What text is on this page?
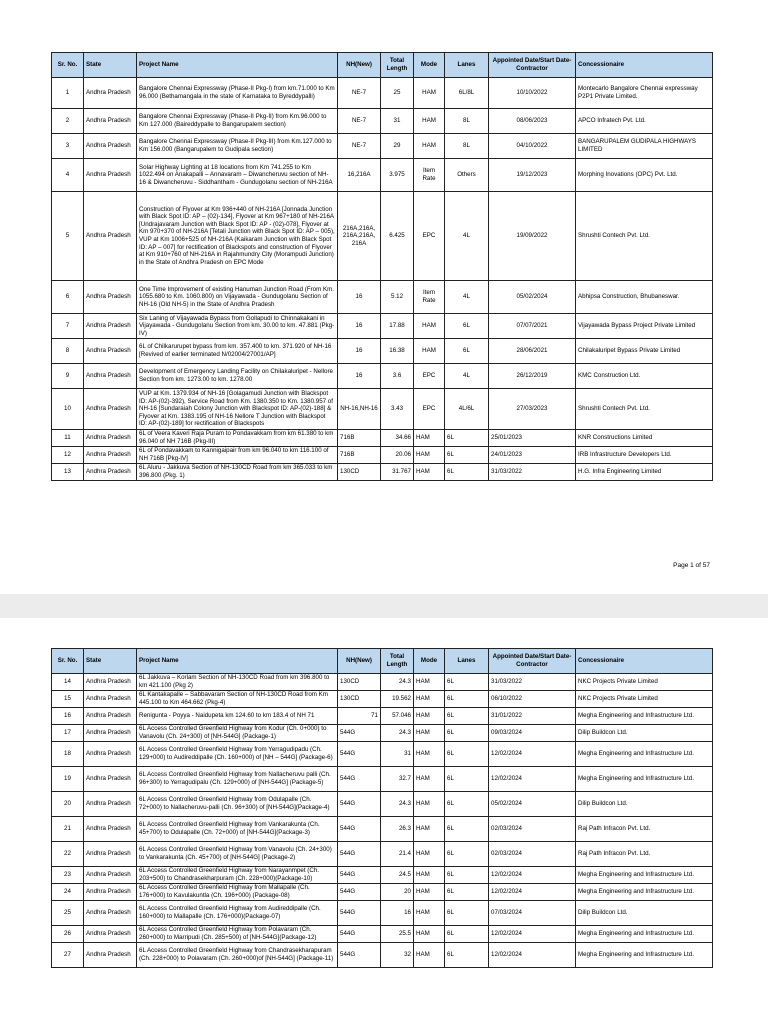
Sr. No.	State	Project Name	NH(New)	Total Length	Mode	Lanes	Appointed Date/Start Date- Contractor	Concessionaire
1	Andhra Pradesh	Bangalore Chennai Expressway (Phase-II Pkg-I) from km.71.000 to Km 96.000 (Bethamangala in the state of Karnataka to Byreddypalli)	NE-7	25	HAM	6L/8L	10/10/2022	Montecarlo Bangalore Chennai expressway P2P1 Private Limited.
2	Andhra Pradesh	Bangalore Chennai Expressway (Phase-II Pkg-II) from Km.96.000 to Km 127.000 (Baireddypalle to Bangarupalem section)	NE-7	31	HAM	8L	08/06/2023	APCO Infratech Pvt. Ltd.
3	Andhra Pradesh	Bangalore Chennai Expressway (Phase-II Pkg-III) from Km.127.000 to Km 156.000 (Bangarupalem to Gudipala section)	NE-7	29	HAM	8L	04/10/2022	BANGARUPALEM GUDIPALA HIGHWAYS LIMITED
4	Andhra Pradesh	Solar Highway Lighting at 18 locations from Km 741.255 to Km 1022.494 on Anakapalli – Annavaram – Diwancheruvu section of NH-16 & Diwancheruvu - Siddhantham - Gundugolanu section of NH-216A	16,216A	3.975	Item Rate	Others	19/12/2023	Morphing Inovations (OPC) Pvt. Ltd.
5	Andhra Pradesh	Construction of Flyover at Km 936+440 of NH-216A [Jonnada Junction with Black Spot ID: AP – (02)-134], Flyover at Km 967+180 of NH-216A [Undrajavaram Junction with Black Spot ID: AP - (02)-078], Flyover at Km 970+370 of NH-216A [Tetali Junction with Black Spot ID: AP – 005), VUP at Km 1006+525 of NH-216A (Kaikaram Junction with Black Spot ID: AP – 007] for rectification of Blackspots and construction of Flyover at Km 910+760 of NH-216A in Rajahmundry City (Morampudi Junction) in the State of Andhra Pradesh on EPC Mode	216A,216A, 216A,216A, 216A	6.425	EPC	4L	19/09/2022	Shrushti Contech Pvt. Ltd.
6	Andhra Pradesh	One Time Improvement of existing Hanuman Junction Road (From Km. 1055.680 to Km. 1060.800) on Vijayawada - Gundugolanu Section of NH-16 (Old NH-5) in the State of Andhra Pradesh	16	5.12	Item Rate	4L	05/02/2024	Abhipsa Construction, Bhubaneswar.
7	Andhra Pradesh	Six Laning of Vijayawada Bypass from Gollapudi to Chinnakakani in Vijayawada - Gundugolanu Section from km. 30.00 to km. 47.881 (Pkg-IV)	16	17.88	HAM	6L	07/07/2021	Vijayawada Bypass Project Private Limited
8	Andhra Pradesh	6L of Chilkarurupet bypass from km. 357.400 to km. 371.920 of NH-16 [Revived of earlier terminated N/02004/27001/AP]	16	16.38	HAM	6L	28/06/2021	Chilakaluripet Bypass Private Limited
9	Andhra Pradesh	Development of Emergency Landing Facility on Chilakaluripet - Nellore Section from km. 1273.00 to km. 1278.00	16	3.6	EPC	4L	26/12/2019	KMC Construction Ltd.
10	Andhra Pradesh	VUP at Km. 1379.934 of NH-16 [Golagamudi Junction with Blackspot ID: AP-(02)-392), Service Road from Km. 1380.350 to Km. 1380.957 of NH-16 [Sundaraiah Colony Junction with Blackspot ID: AP-(02)-188] & Flyover at Km. 1383.195 of NH-16 Nellore T Junction with Blackspot ID: AP-(02)-189] for rectification of Blackspots	NH-16,NH-16	3.43	EPC	4L/6L	27/03/2023	Shrushti Contech Pvt. Ltd.
11	Andhra Pradesh	6L of Veera Kaveri Raja Puram to Pondavakkam from km 61.380 to km 96.040 of NH 716B (Pkg-III)	716B	34.66	HAM	6L	25/01/2023	KNR Constructions Limited
12	Andhra Pradesh	6L of Pondavakkam to Kannigaipair from km 96.040 to km 116.100 of NH 716B [Pkg-IV]	716B	20.06	HAM	6L	24/01/2023	IRB Infrastructure Developers Ltd.
13	Andhra Pradesh	6L Aluru - Jakkuva Section of NH-130CD Road from km 365.033 to km 396.800 (Pkg. 1)	130CD	31.767	HAM	6L	31/03/2022	H.G. Infra Engineering Limited
Page 1 of 57
Sr. No.	State	Project Name	NH(New)	Total Length	Mode	Lanes	Appointed Date/Start Date- Contractor	Concessionaire
14	Andhra Pradesh	6L Jakkuva – Korlam Section of NH-130CD Road from km 396.800 to km 421.100 (Pkg 2)	130CD	24.3	HAM	6L	31/03/2022	NKC Projects Private Limited
15	Andhra Pradesh	6L Kantakapalle – Sabbavaram Section of NH-130CD Road from Km 445.100 to Km 464.662 (Pkg-4)	130CD	19.562	HAM	6L	06/10/2022	NKC Projects Private Limited
16	Andhra Pradesh	Renigunta - Poyya - Naidupeta km 124.60 to km 183.4 of NH 71	71	57.046	HAM	6L	31/01/2022	Megha Engineering and Infrastructure Ltd.
17	Andhra Pradesh	6L Access Controlled Greenfield Highway from Kodur (Ch. 0+000) to Vanavolu (Ch. 24+300) of [NH-544G] (Package-1)	544G	24.3	HAM	6L	09/03/2024	Dilip Buildcon Ltd.
18	Andhra Pradesh	6L Access Controlled Greenfield Highway from Yerragudipadu (Ch. 129+000) to Audireddipalle (Ch. 160+000) of [NH – 544G] (Package-6)	544G	31	HAM	6L	12/02/2024	Megha Engineering and Infrastructure Ltd.
19	Andhra Pradesh	6L Access Controlled Greenfield Highway from Nallacheruvu palli (Ch. 96+300) to Yerragudipalu (Ch. 129+000) of [NH-544G] (Package-5)	544G	32.7	HAM	6L	12/02/2024	Megha Engineering and Infrastructure Ltd.
20	Andhra Pradesh	6L Access Controlled Greenfield Highway from Odulapalle (Ch. 72+000) to Nallacheruvu-palli (Ch. 96+300) of [NH-544G](Package-4)	544G	24.3	HAM	6L	05/02/2024	Dilip Buildcon Ltd.
21	Andhra Pradesh	6L Access Controlled Greenfield Highway from Vankarakunta (Ch. 45+700) to Odulapalle (Ch. 72+000) of [NH-544G](Package-3)	544G	26.3	HAM	6L	02/03/2024	Raj Path Infracon Pvt. Ltd.
22	Andhra Pradesh	6L Access Controlled Greenfield Highway from Vanavolu (Ch. 24+300) to Vankarakunta (Ch. 45+700) of [NH-544G] (Package-2)	544G	21.4	HAM	6L	02/03/2024	Raj Path Infracon Pvt. Ltd.
23	Andhra Pradesh	6L Access Controlled Greenfield Highway from Narayanmpet (Ch. 203+500) to Chandrasekharpuram (Ch. 228+000)(Package-10)	544G	24.5	HAM	6L	12/02/2024	Megha Engineering and Infrastructure Ltd.
24	Andhra Pradesh	6L Access Controlled Greenfield Highway from Mallapalle (Ch. 176+000) to Kavulakuntla (Ch. 196+000) (Package-08)	544G	20	HAM	6L	12/02/2024	Megha Engineering and Infrastructure Ltd.
25	Andhra Pradesh	6L Access Controlled Greenfield Highway from Audireddipalle (Ch. 160+000) to Mallapalle (Ch. 176+000)(Package-07)	544G	16	HAM	6L	07/03/2024	Dilip Buildcon Ltd.
26	Andhra Pradesh	6L Access Controlled Greenfield Highway from Polavaram (Ch. 260+000) to Marripudi (Ch. 285+500) of [NH-544G](Package-12)	544G	25.5	HAM	6L	12/02/2024	Megha Engineering and Infrastructure Ltd.
27	Andhra Pradesh	6L Access Controlled Greenfield Highway from Chandrasekharapuram (Ch. 228+000) to Polavaram (Ch. 260+000)of [NH-544G] (Package-11)	544G	32	HAM	6L	12/02/2024	Megha Engineering and Infrastructure Ltd.
